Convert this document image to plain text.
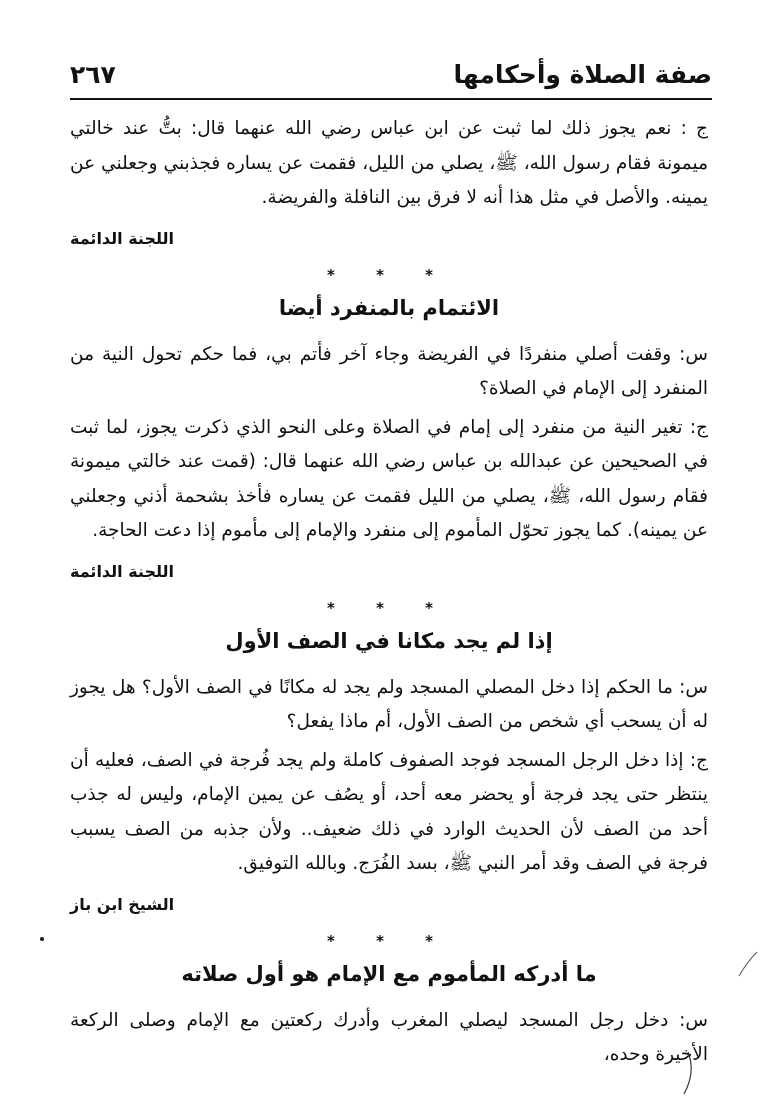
صفة الصلاة وأحكامها
٢٦٧

ج : نعم يجوز ذلك لما ثبت عن ابن عباس رضي الله عنهما قال: بتُّ عند خالتي ميمونة فقام رسول الله، ﷺ، يصلي من الليل، فقمت عن يساره فجذبني وجعلني عن يمينه. والأصل في مثل هذا أنه لا فرق بين النافلة والفريضة.

اللجنة الدائمة
* * *
الائتمام بالمنفرد أيضا

س: وقفت أصلي منفردًا في الفريضة وجاء آخر فأتم بي، فما حكم تحول النية من المنفرد إلى الإمام في الصلاة؟

ج: تغير النية من منفرد إلى إمام في الصلاة وعلى النحو الذي ذكرت يجوز، لما ثبت في الصحيحين عن عبدالله بن عباس رضي الله عنهما قال: (قمت عند خالتي ميمونة فقام رسول الله، ﷺ، يصلي من الليل فقمت عن يساره فأخذ بشحمة أذني وجعلني عن يمينه). كما يجوز تحوّل المأموم إلى منفرد والإمام إلى مأموم إذا دعت الحاجة.

اللجنة الدائمة
* * *
إذا لم يجد مكانا في الصف الأول

س: ما الحكم إذا دخل المصلي المسجد ولم يجد له مكانًا في الصف الأول؟ هل يجوز له أن يسحب أي شخص من الصف الأول، أم ماذا يفعل؟

ج: إذا دخل الرجل المسجد فوجد الصفوف كاملة ولم يجد فُرجة في الصف، فعليه أن ينتظر حتى يجد فرجة أو يحضر معه أحد، أو يصُف عن يمين الإمام، وليس له جذب أحد من الصف لأن الحديث الوارد في ذلك ضعيف.. ولأن جذبه من الصف يسبب فرجة في الصف وقد أمر النبي ﷺ، بسد الفُرَج. وبالله التوفيق.

الشيخ ابن باز
* * *
ما أدركه المأموم مع الإمام هو أول صلاته

س: دخل رجل المسجد ليصلي المغرب وأدرك ركعتين مع الإمام وصلى الركعة الأخيرة وحده،
